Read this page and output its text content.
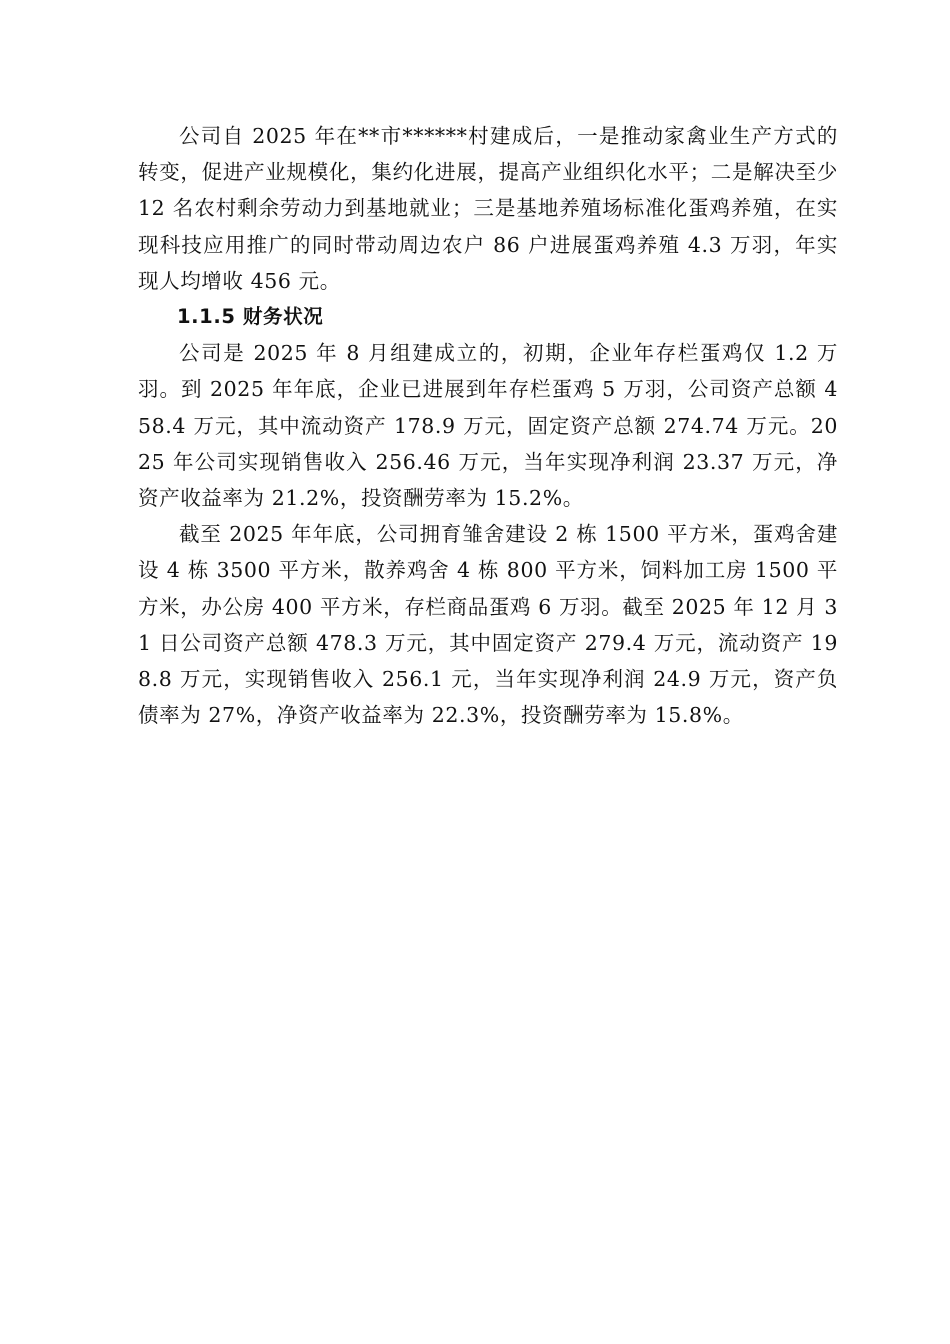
公司自 2025 年在**市******村建成后，一是推动家禽业生产方式的转变，促进产业规模化，集约化进展，提高产业组织化水平；二是解决至少 12 名农村剩余劳动力到基地就业；三是基地养殖场标准化蛋鸡养殖，在实现科技应用推广的同时带动周边农户 86 户进展蛋鸡养殖 4.3 万羽，年实现人均增收 456 元。

1.1.5 财务状况

公司是 2025 年 8 月组建成立的，初期，企业年存栏蛋鸡仅 1.2 万羽。到 2025 年年底，企业已进展到年存栏蛋鸡 5 万羽，公司资产总额 458.4 万元，其中流动资产 178.9 万元，固定资产总额 274.74 万元。2025 年公司实现销售收入 256.46 万元，当年实现净利润 23.37 万元，净资产收益率为 21.2%，投资酬劳率为 15.2%。

截至 2025 年年底，公司拥育雏舍建设 2 栋 1500 平方米，蛋鸡舍建设 4 栋 3500 平方米，散养鸡舍 4 栋 800 平方米，饲料加工房 1500 平方米，办公房 400 平方米，存栏商品蛋鸡 6 万羽。截至 2025 年 12 月 31 日公司资产总额 478.3 万元，其中固定资产 279.4 万元，流动资产 198.8 万元，实现销售收入 256.1 元，当年实现净利润 24.9 万元，资产负债率为 27%，净资产收益率为 22.3%，投资酬劳率为 15.8%。
